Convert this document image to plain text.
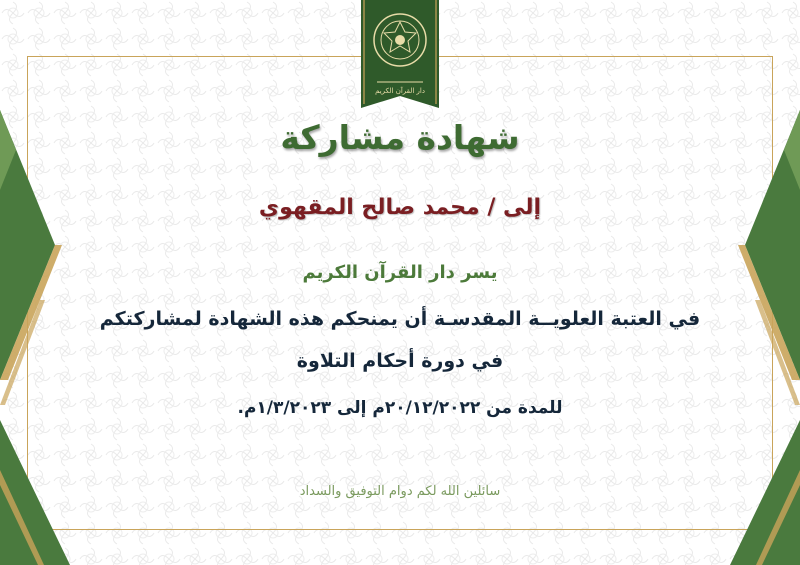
دار القرآن الكريم
شهادة مشاركة
إلى / محمد صالح المقهوي
يسر دار القرآن الكريم
في العتبة العلويــة المقدسـة أن يمنحكم هذه الشهادة لمشاركتكم
في دورة أحكام التلاوة
للمدة من ٢٠/١٢/٢٠٢٢م إلى ١/٣/٢٠٢٣م.
سائلين الله لكم دوام التوفيق والسداد
